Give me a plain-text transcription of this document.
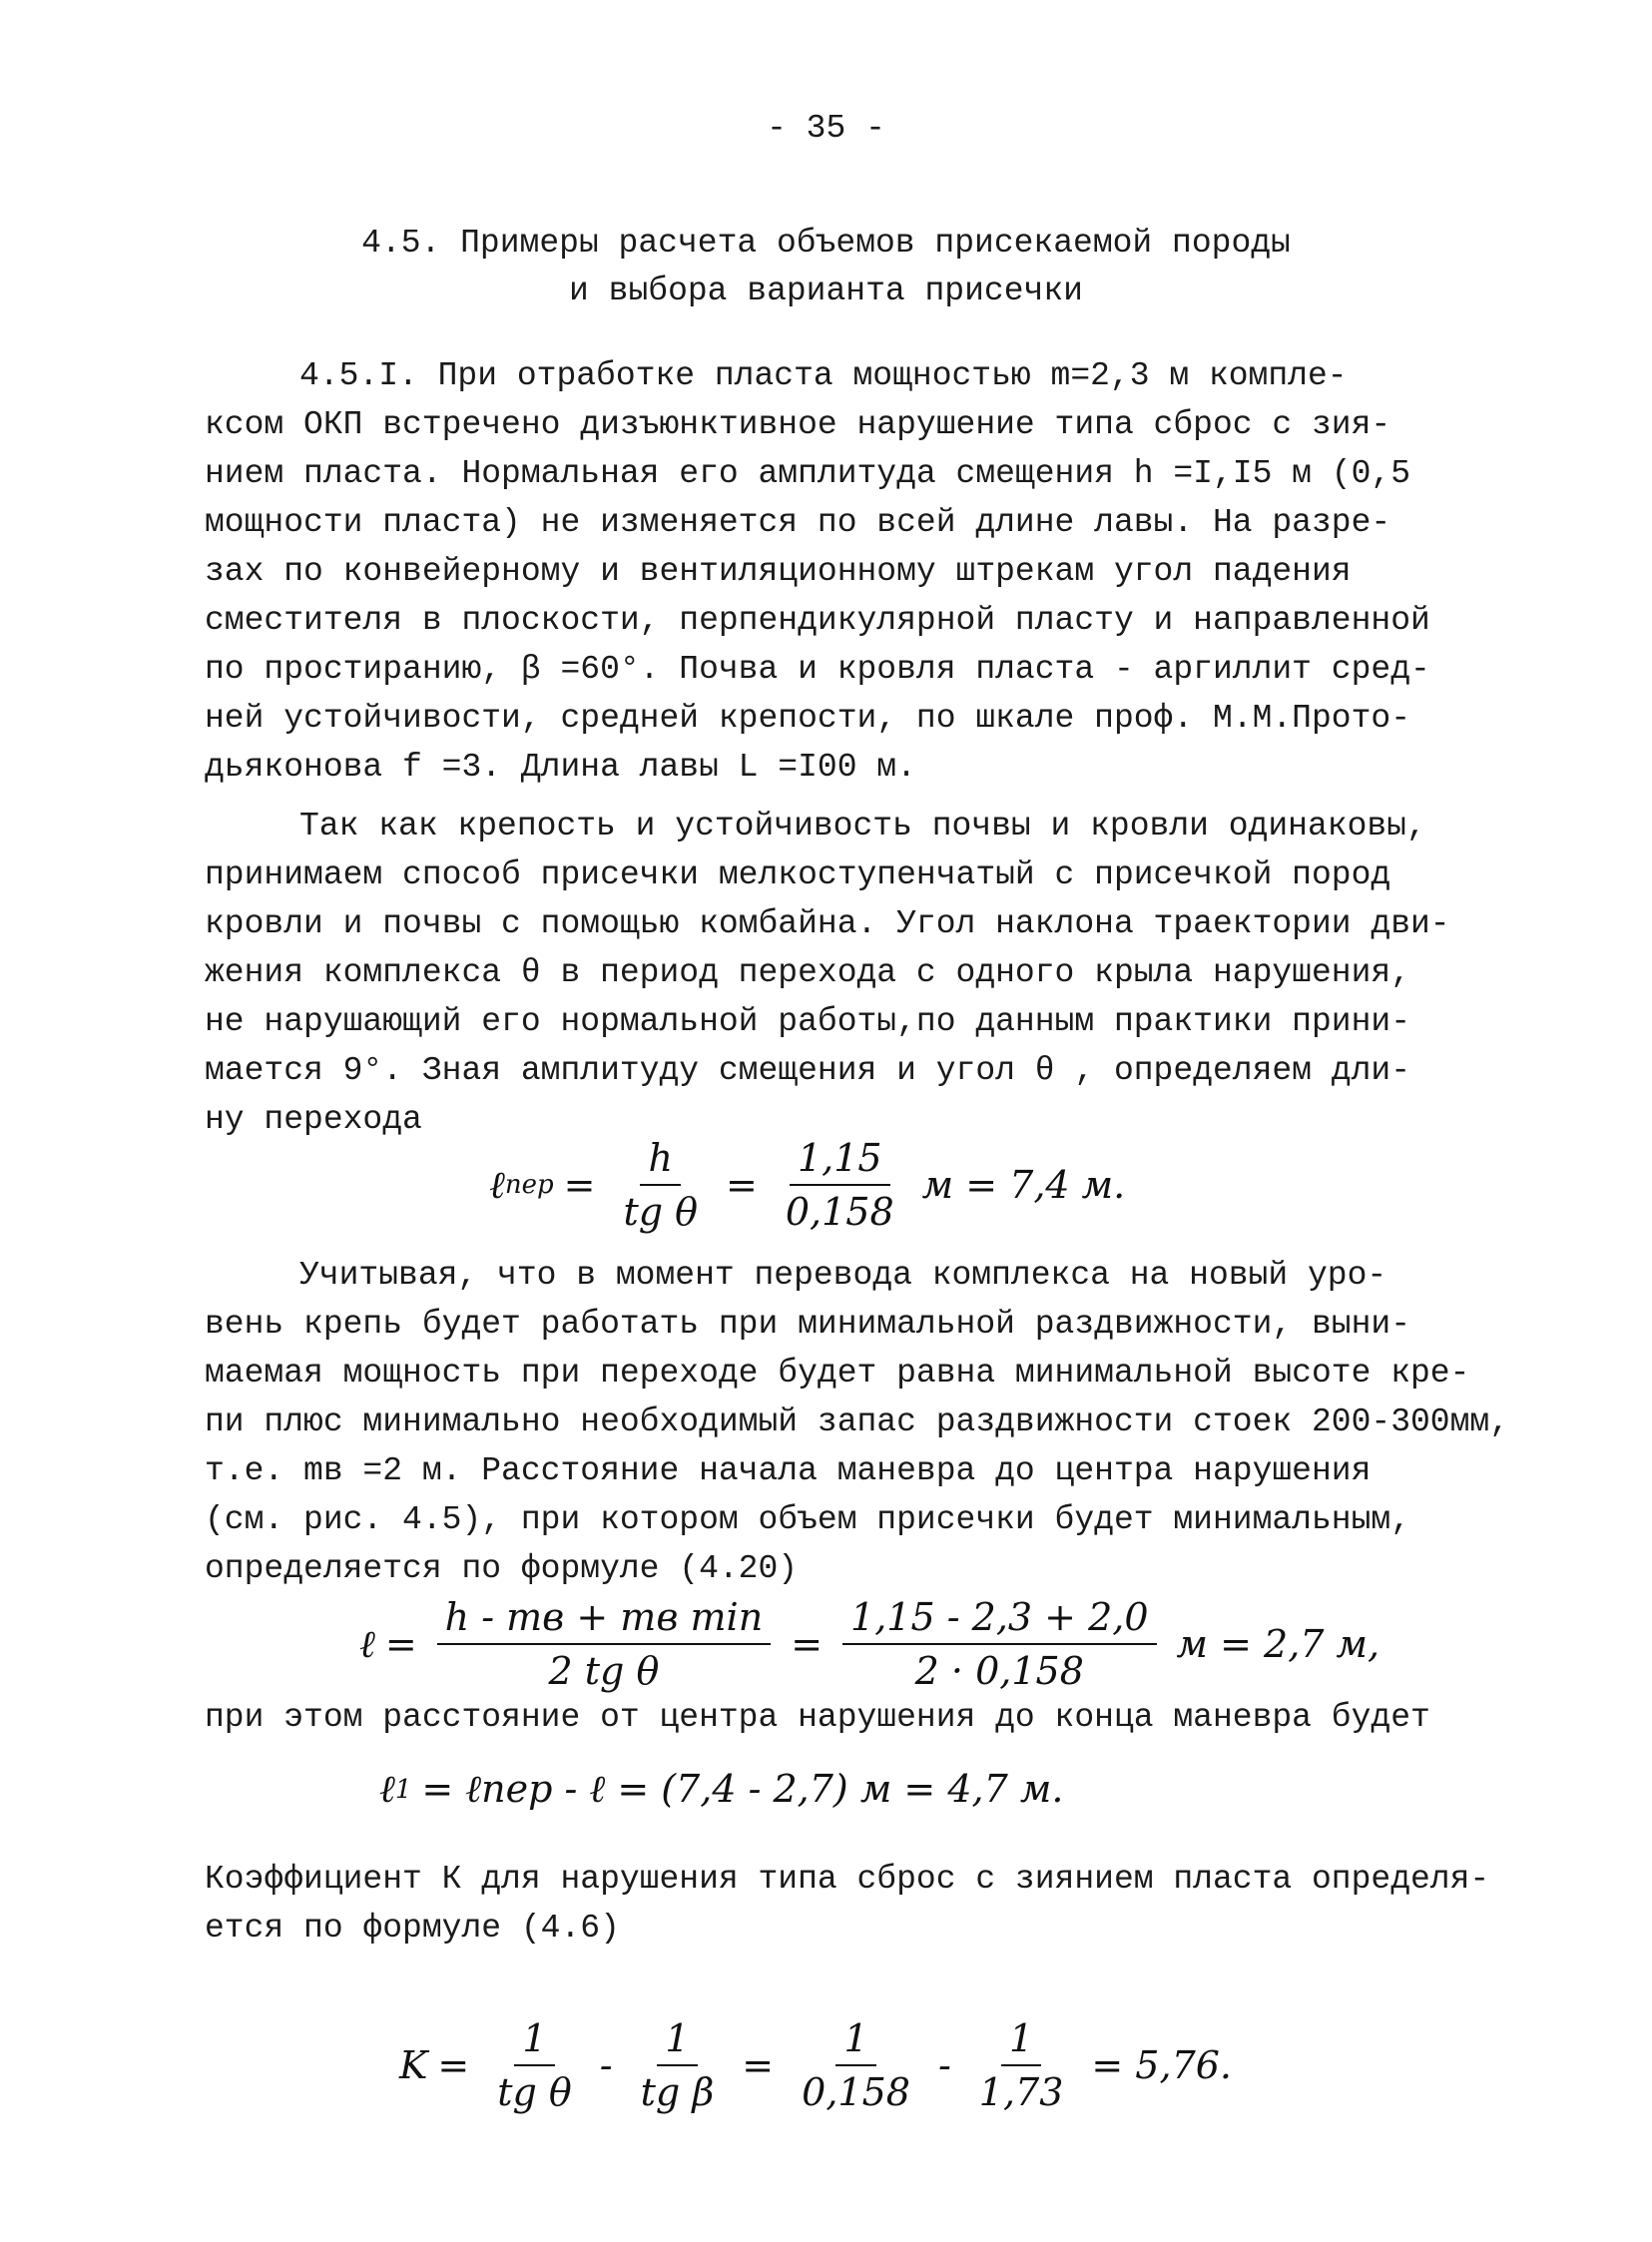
- 35 -
4.5. Примеры расчета объемов присекаемой породы
и выбора варианта присечки
4.5.I. При отработке пласта мощностью m=2,3 м комплe-
ксом ОКП встречено дизъюнктивное нарушение типа сброс с зия-
нием пласта. Нормальная его амплитуда смещения h =I,I5 м (0,5
мощности пласта) не изменяется по всей длине лавы. На разре-
зах по конвейерному и вентиляционному штрекам угол падения
сместителя в плоскости, перпендикулярной пласту и направленной
по простиранию, β =60°. Почва и кровля пласта - аргиллит сред-
ней устойчивости, средней крепости, по шкале проф. М.М.Прото-
дьяконова f =3. Длина лавы L =I00 м.
Так как крепость и устойчивость почвы и кровли одинаковы,
принимаем способ присечки мелкоступенчатый с присечкой пород
кровли и почвы с помощью комбайна. Угол наклона траектории дви-
жения комплекса θ в период перехода с одного крыла нарушения,
не нарушающий его нормальной работы,по данным практики прини-
мается 9°. Зная амплитуду смещения и угол θ , определяем дли-
ну перехода
ℓ пер = $\frac{h}{\text{tg θ}} = \frac{1,15}{0,158}$ м = 7,4 м.
Учитывая, что в момент перевода комплекса на новый уро-
вень крепь будет работать при минимальной раздвижности, выни-
маемая мощность при переходе будет равна минимальной высоте кре-
пи плюс минимально необходимый запас раздвижности стоек 200-300мм,
т.е. mв =2 м. Расстояние начала маневра до центра нарушения
(см. рис. 4.5), при котором объем присечки будет минимальным,
определяется по формуле (4.20)
ℓ = $\frac{\text{h - mв + mв min}}{\text{2 tg θ}} = \frac{1,15 - 2,3 + 2,0}{2 \cdot 0,158}$ м = 2,7 м,
при этом расстояние от центра нарушения до конца маневра будет
ℓ 1 = ℓпер - ℓ = (7,4 - 2,7) м = 4,7 м.
Коэффициент К для нарушения типа сброс с зиянием пласта определя-
ется по формуле (4.6)
$K = \frac{1}{\text{tg θ}} - \frac{1}{\text{tg β}} = \frac{1}{0,158} - \frac{1}{1,73} = 5,76$.
